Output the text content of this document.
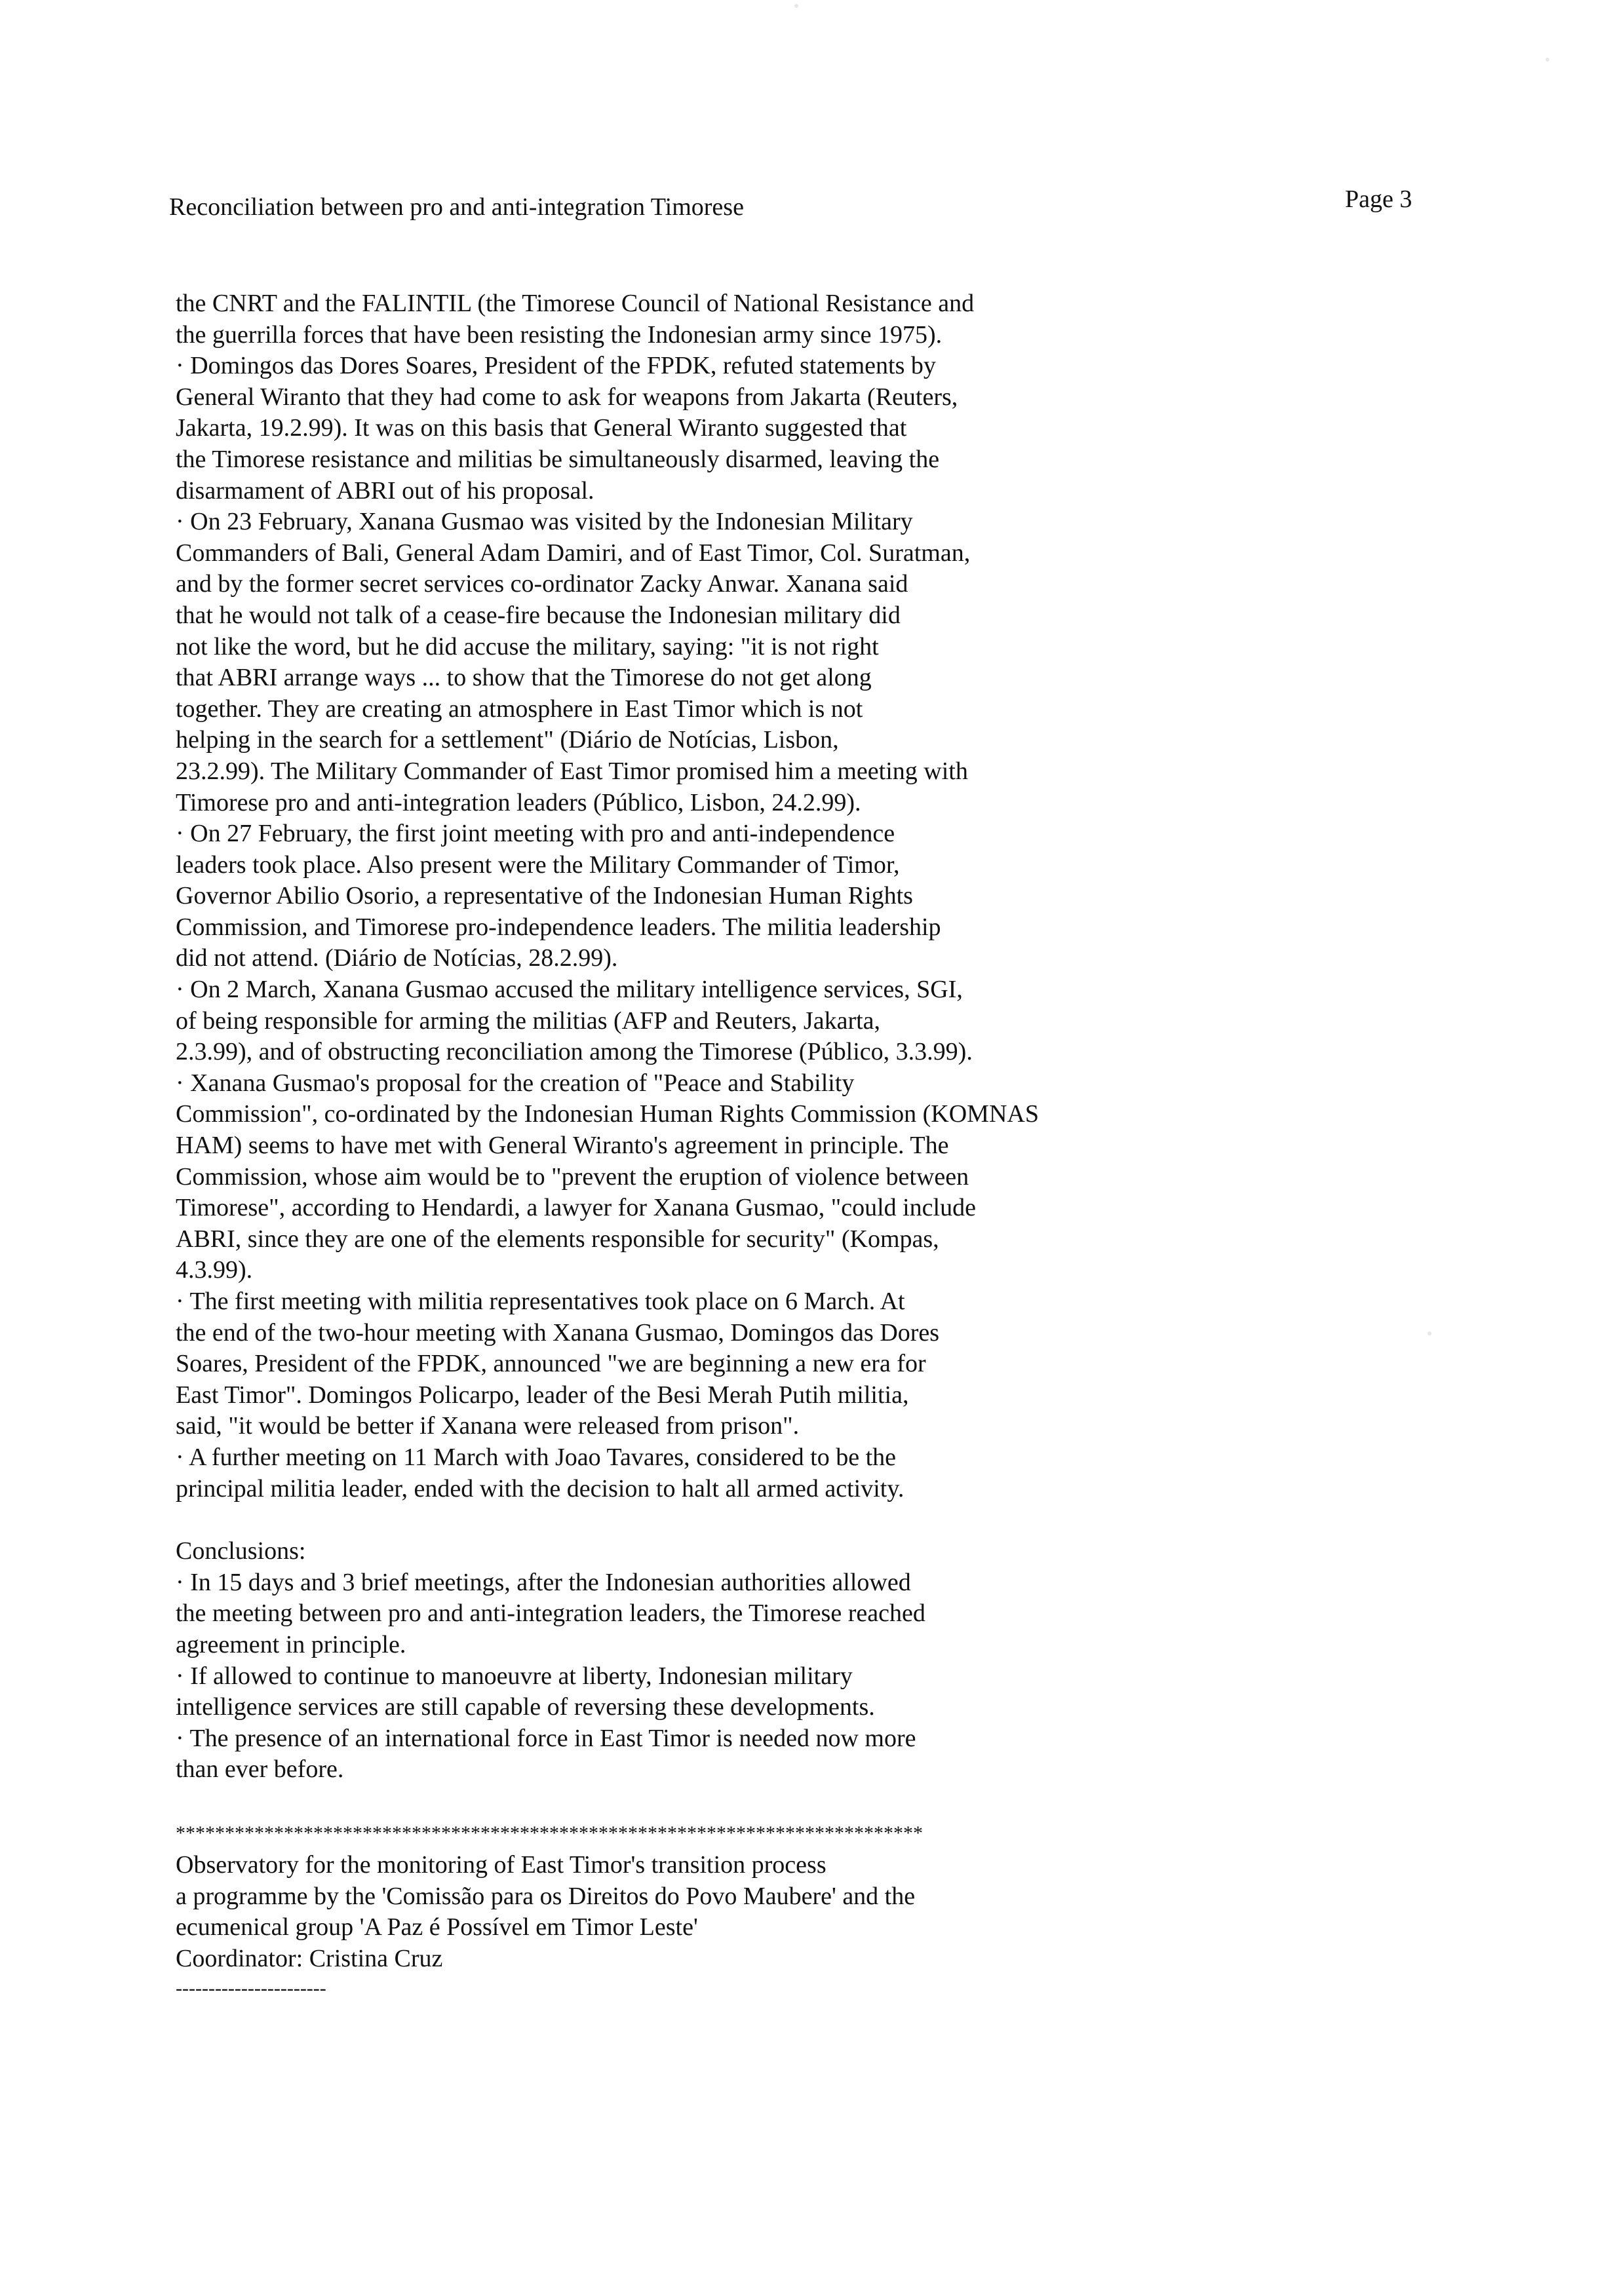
Reconciliation between pro and anti-integration Timorese	Page 3
the CNRT and the FALINTIL (the Timorese Council of National Resistance and
the guerrilla forces that have been resisting the Indonesian army since 1975).
· Domingos das Dores Soares, President of the FPDK, refuted statements by
General Wiranto that they had come to ask for weapons from Jakarta (Reuters,
Jakarta, 19.2.99). It was on this basis that General Wiranto suggested that
the Timorese resistance and militias be simultaneously disarmed, leaving the
disarmament of ABRI out of his proposal.
· On 23 February, Xanana Gusmao was visited by the Indonesian Military
Commanders of Bali, General Adam Damiri, and of East Timor, Col. Suratman,
and by the former secret services co-ordinator Zacky Anwar. Xanana said
that he would not talk of a cease-fire because the Indonesian military did
not like the word, but he did accuse the military, saying: "it is not right
that ABRI arrange ways ... to show that the Timorese do not get along
together. They are creating an atmosphere in East Timor which is not
helping in the search for a settlement" (Diário de Notícias, Lisbon,
23.2.99). The Military Commander of East Timor promised him a meeting with
Timorese pro and anti-integration leaders (Público, Lisbon, 24.2.99).
· On 27 February, the first joint meeting with pro and anti-independence
leaders took place. Also present were the Military Commander of Timor,
Governor Abilio Osorio, a representative of the Indonesian Human Rights
Commission, and Timorese pro-independence leaders. The militia leadership
did not attend. (Diário de Notícias, 28.2.99).
· On 2 March, Xanana Gusmao accused the military intelligence services, SGI,
of being responsible for arming the militias (AFP and Reuters, Jakarta,
2.3.99), and of obstructing reconciliation among the Timorese (Público, 3.3.99).
· Xanana Gusmao's proposal for the creation of "Peace and Stability
Commission", co-ordinated by the Indonesian Human Rights Commission (KOMNAS
HAM) seems to have met with General Wiranto's agreement in principle. The
Commission, whose aim would be to "prevent the eruption of violence between
Timorese", according to Hendardi, a lawyer for Xanana Gusmao, "could include
ABRI, since they are one of the elements responsible for security" (Kompas,
4.3.99).
· The first meeting with militia representatives took place on 6 March. At
the end of the two-hour meeting with Xanana Gusmao, Domingos das Dores
Soares, President of the FPDK, announced "we are beginning a new era for
East Timor". Domingos Policarpo, leader of the Besi Merah Putih militia,
said, "it would be better if Xanana were released from prison".
· A further meeting on 11 March with Joao Tavares, considered to be the
principal militia leader, ended with the decision to halt all armed activity.
Conclusions:
· In 15 days and 3 brief meetings, after the Indonesian authorities allowed
the meeting between pro and anti-integration leaders, the Timorese reached
agreement in principle.
· If allowed to continue to manoeuvre at liberty, Indonesian military
intelligence services are still capable of reversing these developments.
· The presence of an international force in East Timor is needed now more
than ever before.
****************************************************************************
Observatory for the monitoring of East Timor's transition process
a programme by the 'Comissão para os Direitos do Povo Maubere' and the
ecumenical group 'A Paz é Possível em Timor Leste'
Coordinator: Cristina Cruz
-----------------------
